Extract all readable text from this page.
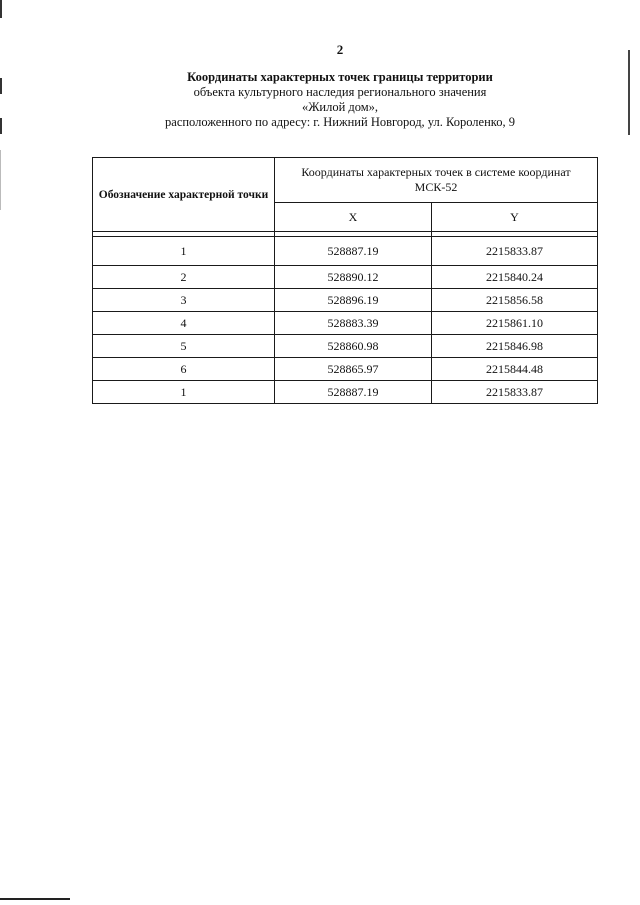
2
Координаты характерных точек границы территории
объекта культурного наследия регионального значения
«Жилой дом»,
расположенного по адресу: г. Нижний Новгород, ул. Короленко, 9
Обозначение характерной точки	Координаты характерных точек в системе координат МСК-52	
	X	Y

1	528887.19	2215833.87
2	528890.12	2215840.24
3	528896.19	2215856.58
4	528883.39	2215861.10
5	528860.98	2215846.98
6	528865.97	2215844.48
1	528887.19	2215833.87
